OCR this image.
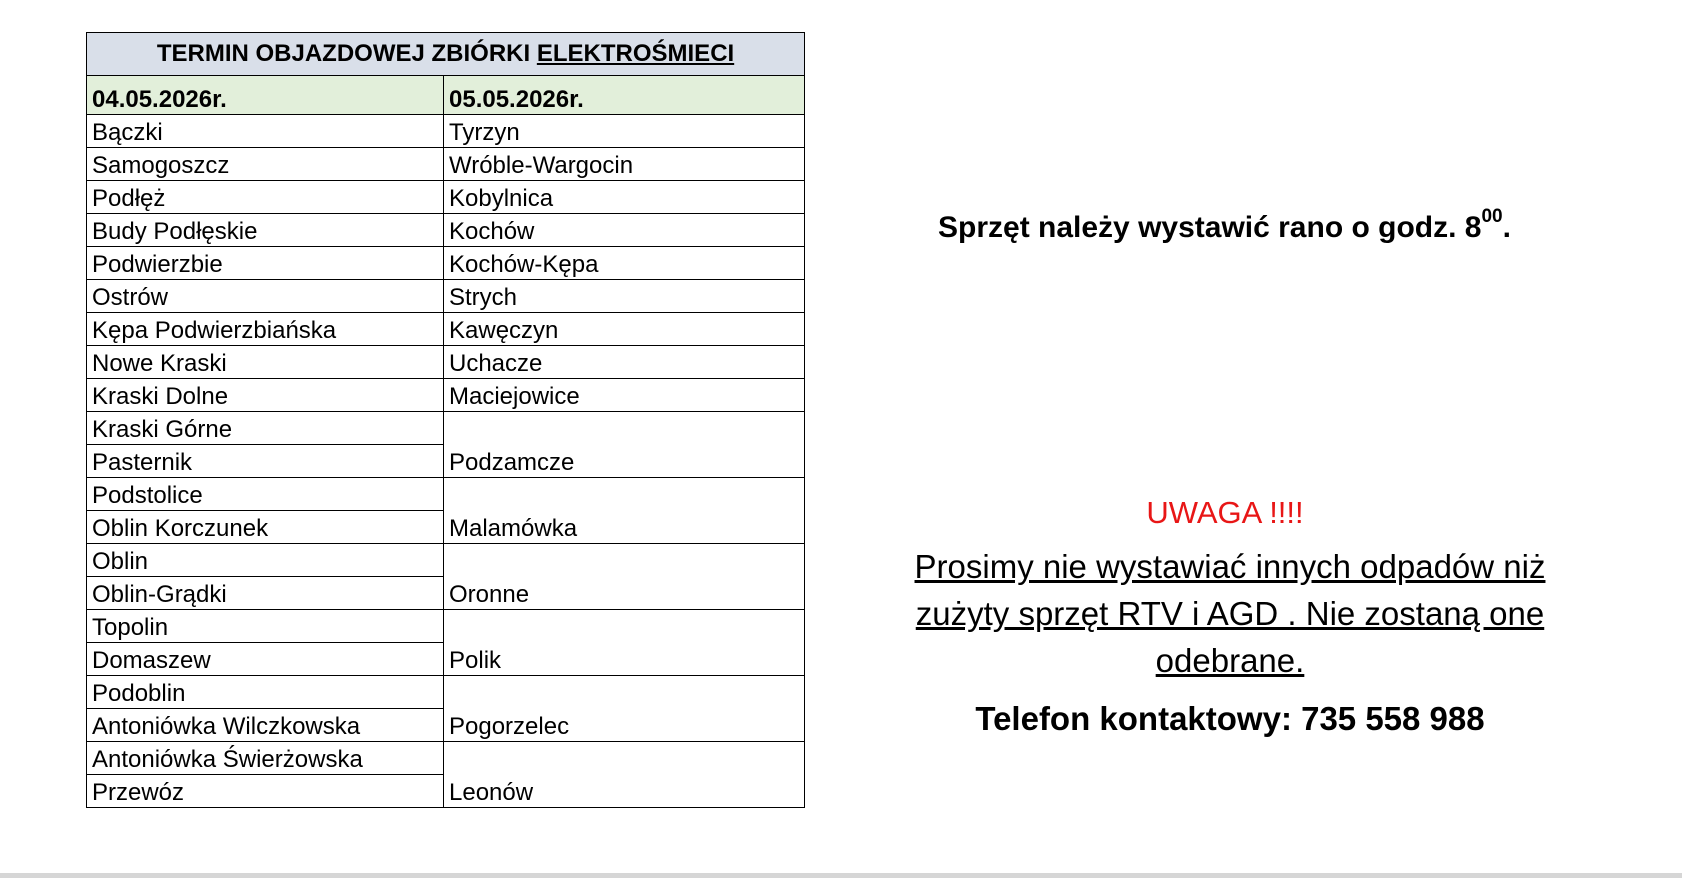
TERMIN OBJAZDOWEJ ZBIÓRKI ELEKTROŚMIECI	
04.05.2026r.	05.05.2026r.
Bączki	Tyrzyn
Samogoszcz	Wróble-Wargocin
Podłęż	Kobylnica
Budy Podłęskie	Kochów
Podwierzbie	Kochów-Kępa
Ostrów	Strych
Kępa Podwierzbiańska	Kawęczyn
Nowe Kraski	Uchacze
Kraski Dolne	Maciejowice
Kraski Górne	Podzamcze
Pasternik	
Podstolice	Malamówka
Oblin Korczunek	
Oblin	Oronne
Oblin-Grądki	
Topolin	Polik
Domaszew	
Podoblin	Pogorzelec
Antoniówka Wilczkowska	
Antoniówka Świerżowska	Leonów
Przewóz	
Sprzęt należy wystawić rano o godz. $8^{00}$.
UWAGA !!!!
Prosimy nie wystawiać innych odpadów niż zużyty sprzęt RTV i AGD . Nie zostaną one odebrane.
Telefon kontaktowy: 735 558 988
